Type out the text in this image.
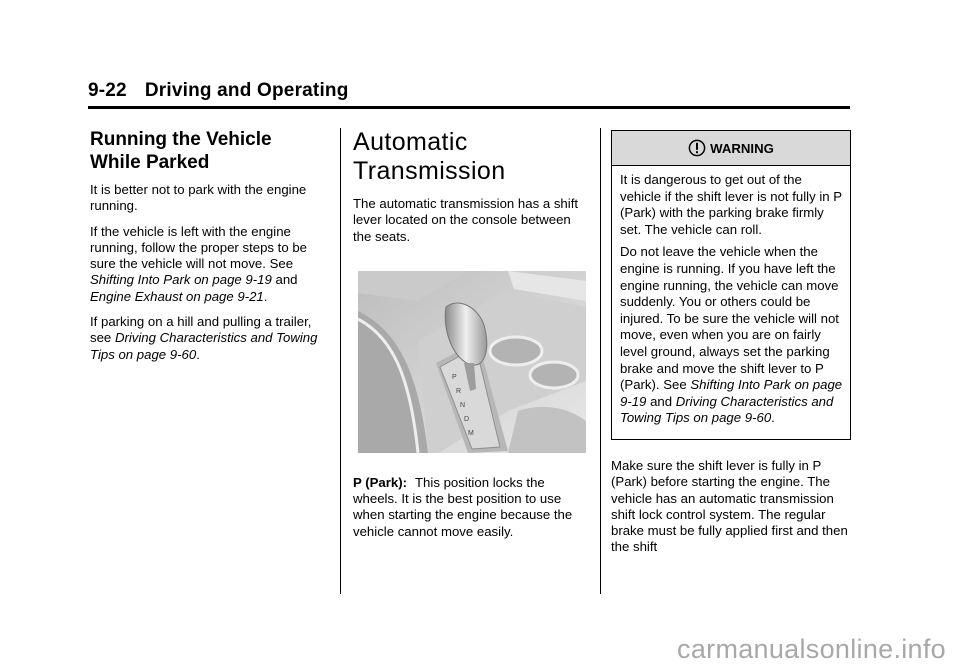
9-22 Driving and Operating
Running the Vehicle While Parked

It is better not to park with the engine running.

If the vehicle is left with the engine running, follow the proper steps to be sure the vehicle will not move. See Shifting Into Park on page 9-19 and Engine Exhaust on page 9-21.

If parking on a hill and pulling a trailer, see Driving Characteristics and Towing Tips on page 9-60.

Automatic Transmission

The automatic transmission has a shift lever located on the console between the seats.

P
R
N
D
M

P (Park): This position locks the wheels. It is the best position to use when starting the engine because the vehicle cannot move easily.

WARNING

It is dangerous to get out of the vehicle if the shift lever is not fully in P (Park) with the parking brake firmly set. The vehicle can roll.

Do not leave the vehicle when the engine is running. If you have left the engine running, the vehicle can move suddenly. You or others could be injured. To be sure the vehicle will not move, even when you are on fairly level ground, always set the parking brake and move the shift lever to P (Park). See Shifting Into Park on page 9-19 and Driving Characteristics and Towing Tips on page 9-60.

Make sure the shift lever is fully in P (Park) before starting the engine. The vehicle has an automatic transmission shift lock control system. The regular brake must be fully applied first and then the shift

carmanualsonline.info
